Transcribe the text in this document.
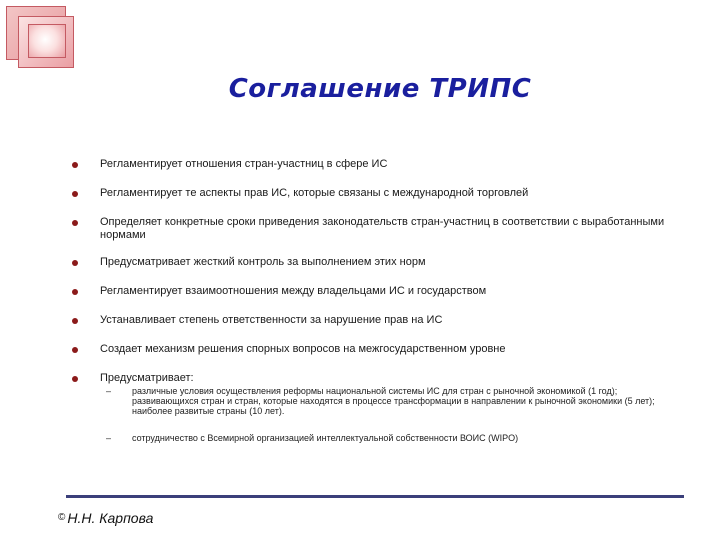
Соглашение ТРИПС
Регламентирует отношения стран-участниц в сфере ИС
Регламентирует те аспекты прав ИС, которые связаны с международной торговлей
Определяет конкретные сроки приведения законодательств стран-участниц в соответствии с выработанными нормами
Предусматривает жесткий контроль за выполнением этих норм
Регламентирует взаимоотношения между владельцами ИС и государством
Устанавливает степень ответственности за нарушение прав на ИС
Создает механизм решения спорных вопросов на межгосударственном уровне
Предусматривает:
– различные условия осуществления реформы национальной системы ИС для стран с рыночной экономикой (1 год); развивающихся стран и стран, которые находятся в процессе трансформации в направлении к рыночной экономики (5 лет); наиболее развитые страны (10 лет).
– сотрудничество с Всемирной организацией интеллектуальной собственности ВОИС (WIPO)
© Н.Н. Карпова
